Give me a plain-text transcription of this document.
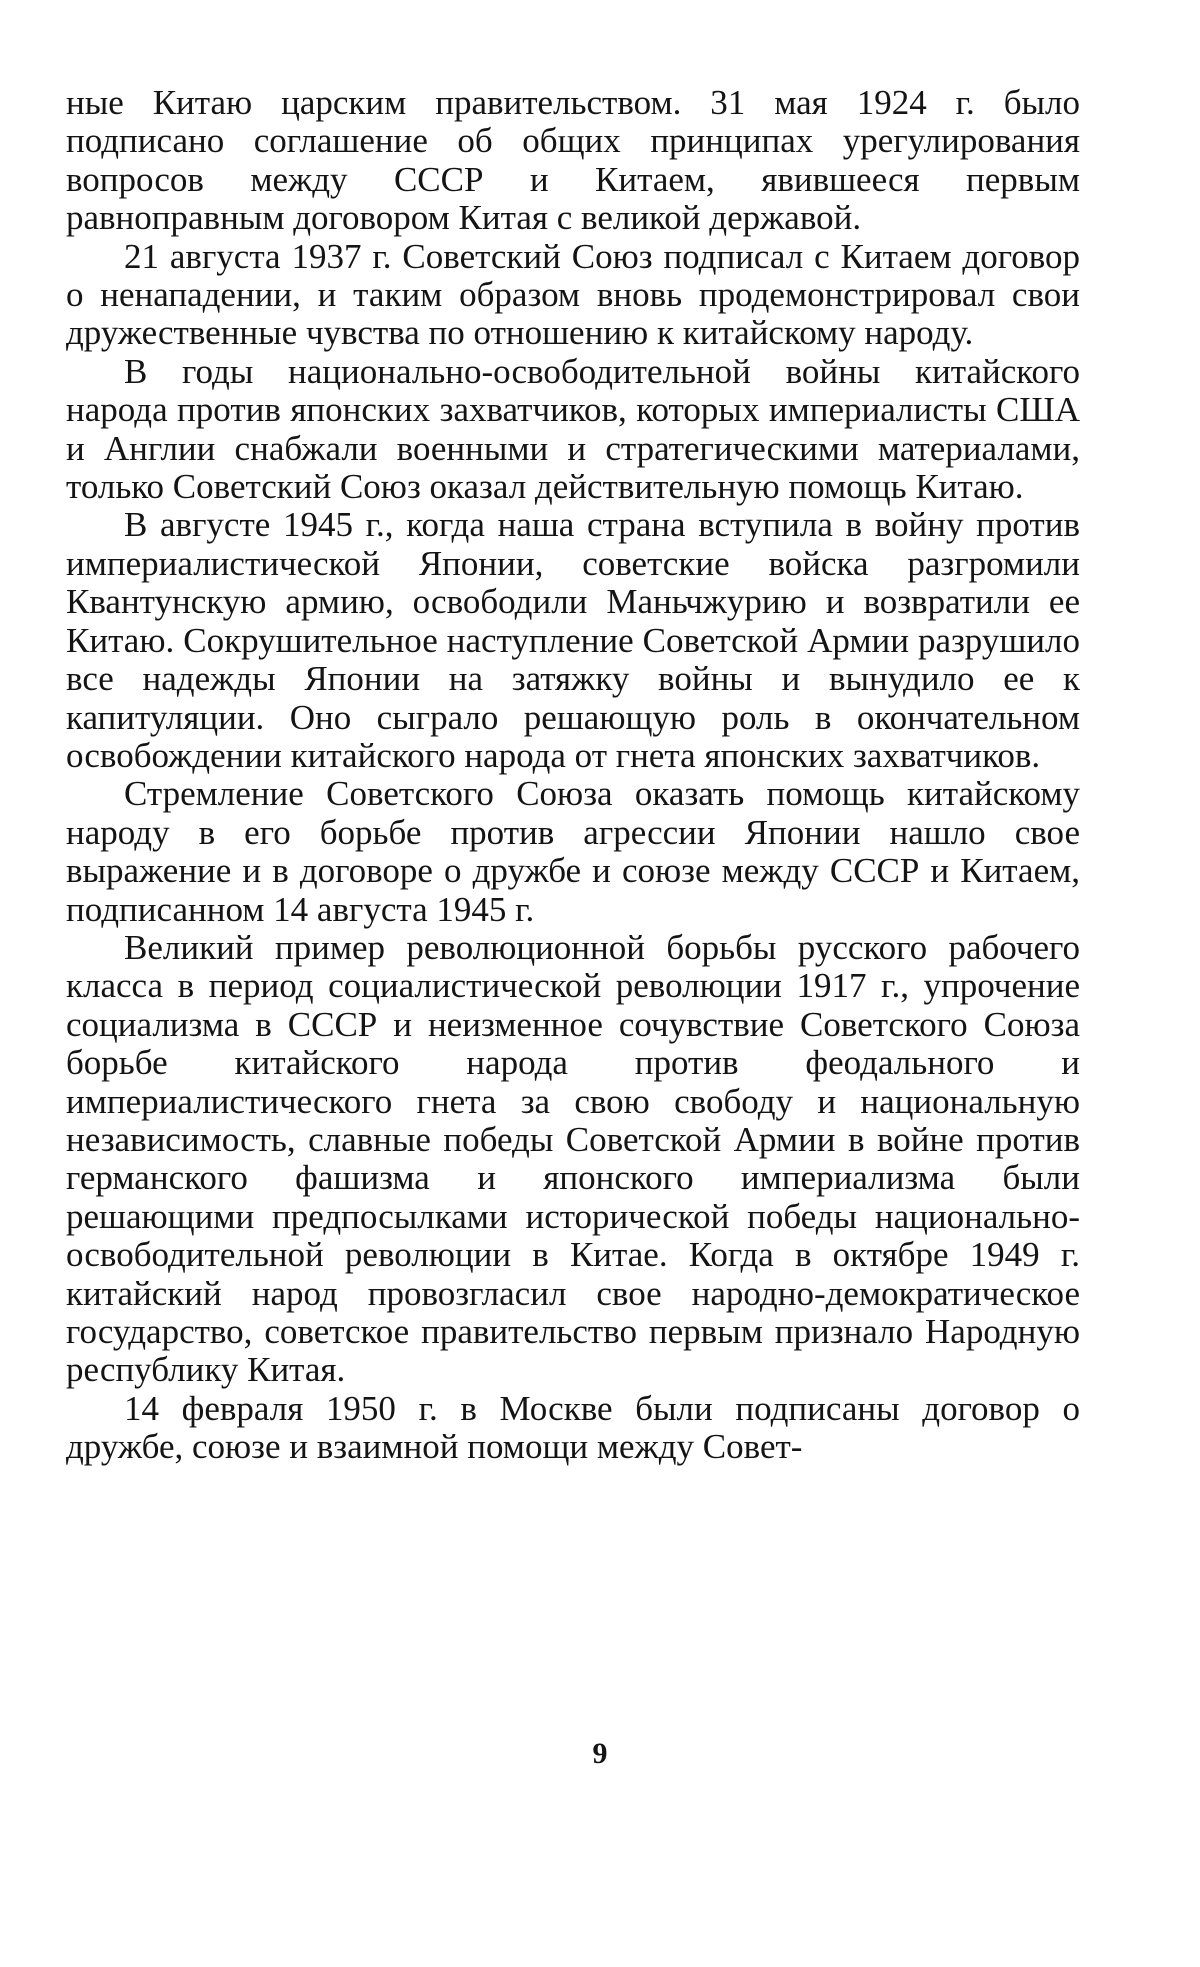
ные Китаю царским правительством. 31 мая 1924 г. было подписано соглашение об общих принципах урегулирования вопросов между СССР и Китаем, явившееся первым равноправным договором Китая с великой державой.

21 августа 1937 г. Советский Союз подписал с Китаем договор о ненападении, и таким образом вновь продемонстрировал свои дружественные чувства по отношению к китайскому народу.

В годы национально-освободительной войны китайского народа против японских захватчиков, которых империалисты США и Англии снабжали военными и стратегическими материалами, только Советский Союз оказал действительную помощь Китаю.

В августе 1945 г., когда наша страна вступила в войну против империалистической Японии, советские войска разгромили Квантунскую армию, освободили Маньчжурию и возвратили ее Китаю. Сокрушительное наступление Советской Армии разрушило все надежды Японии на затяжку войны и вынудило ее к капитуляции. Оно сыграло решающую роль в окончательном освобождении китайского народа от гнета японских захватчиков.

Стремление Советского Союза оказать помощь китайскому народу в его борьбе против агрессии Японии нашло свое выражение и в договоре о дружбе и союзе между СССР и Китаем, подписанном 14 августа 1945 г.

Великий пример революционной борьбы русского рабочего класса в период социалистической революции 1917 г., упрочение социализма в СССР и неизменное сочувствие Советского Союза борьбе китайского народа против феодального и империалистического гнета за свою свободу и национальную независимость, славные победы Советской Армии в войне против германского фашизма и японского империализма были решающими предпосылками исторической победы национально-освободительной революции в Китае. Когда в октябре 1949 г. китайский народ провозгласил свое народно-демократическое государство, советское правительство первым признало Народную республику Китая.

14 февраля 1950 г. в Москве были подписаны договор о дружбе, союзе и взаимной помощи между Совет-

9
